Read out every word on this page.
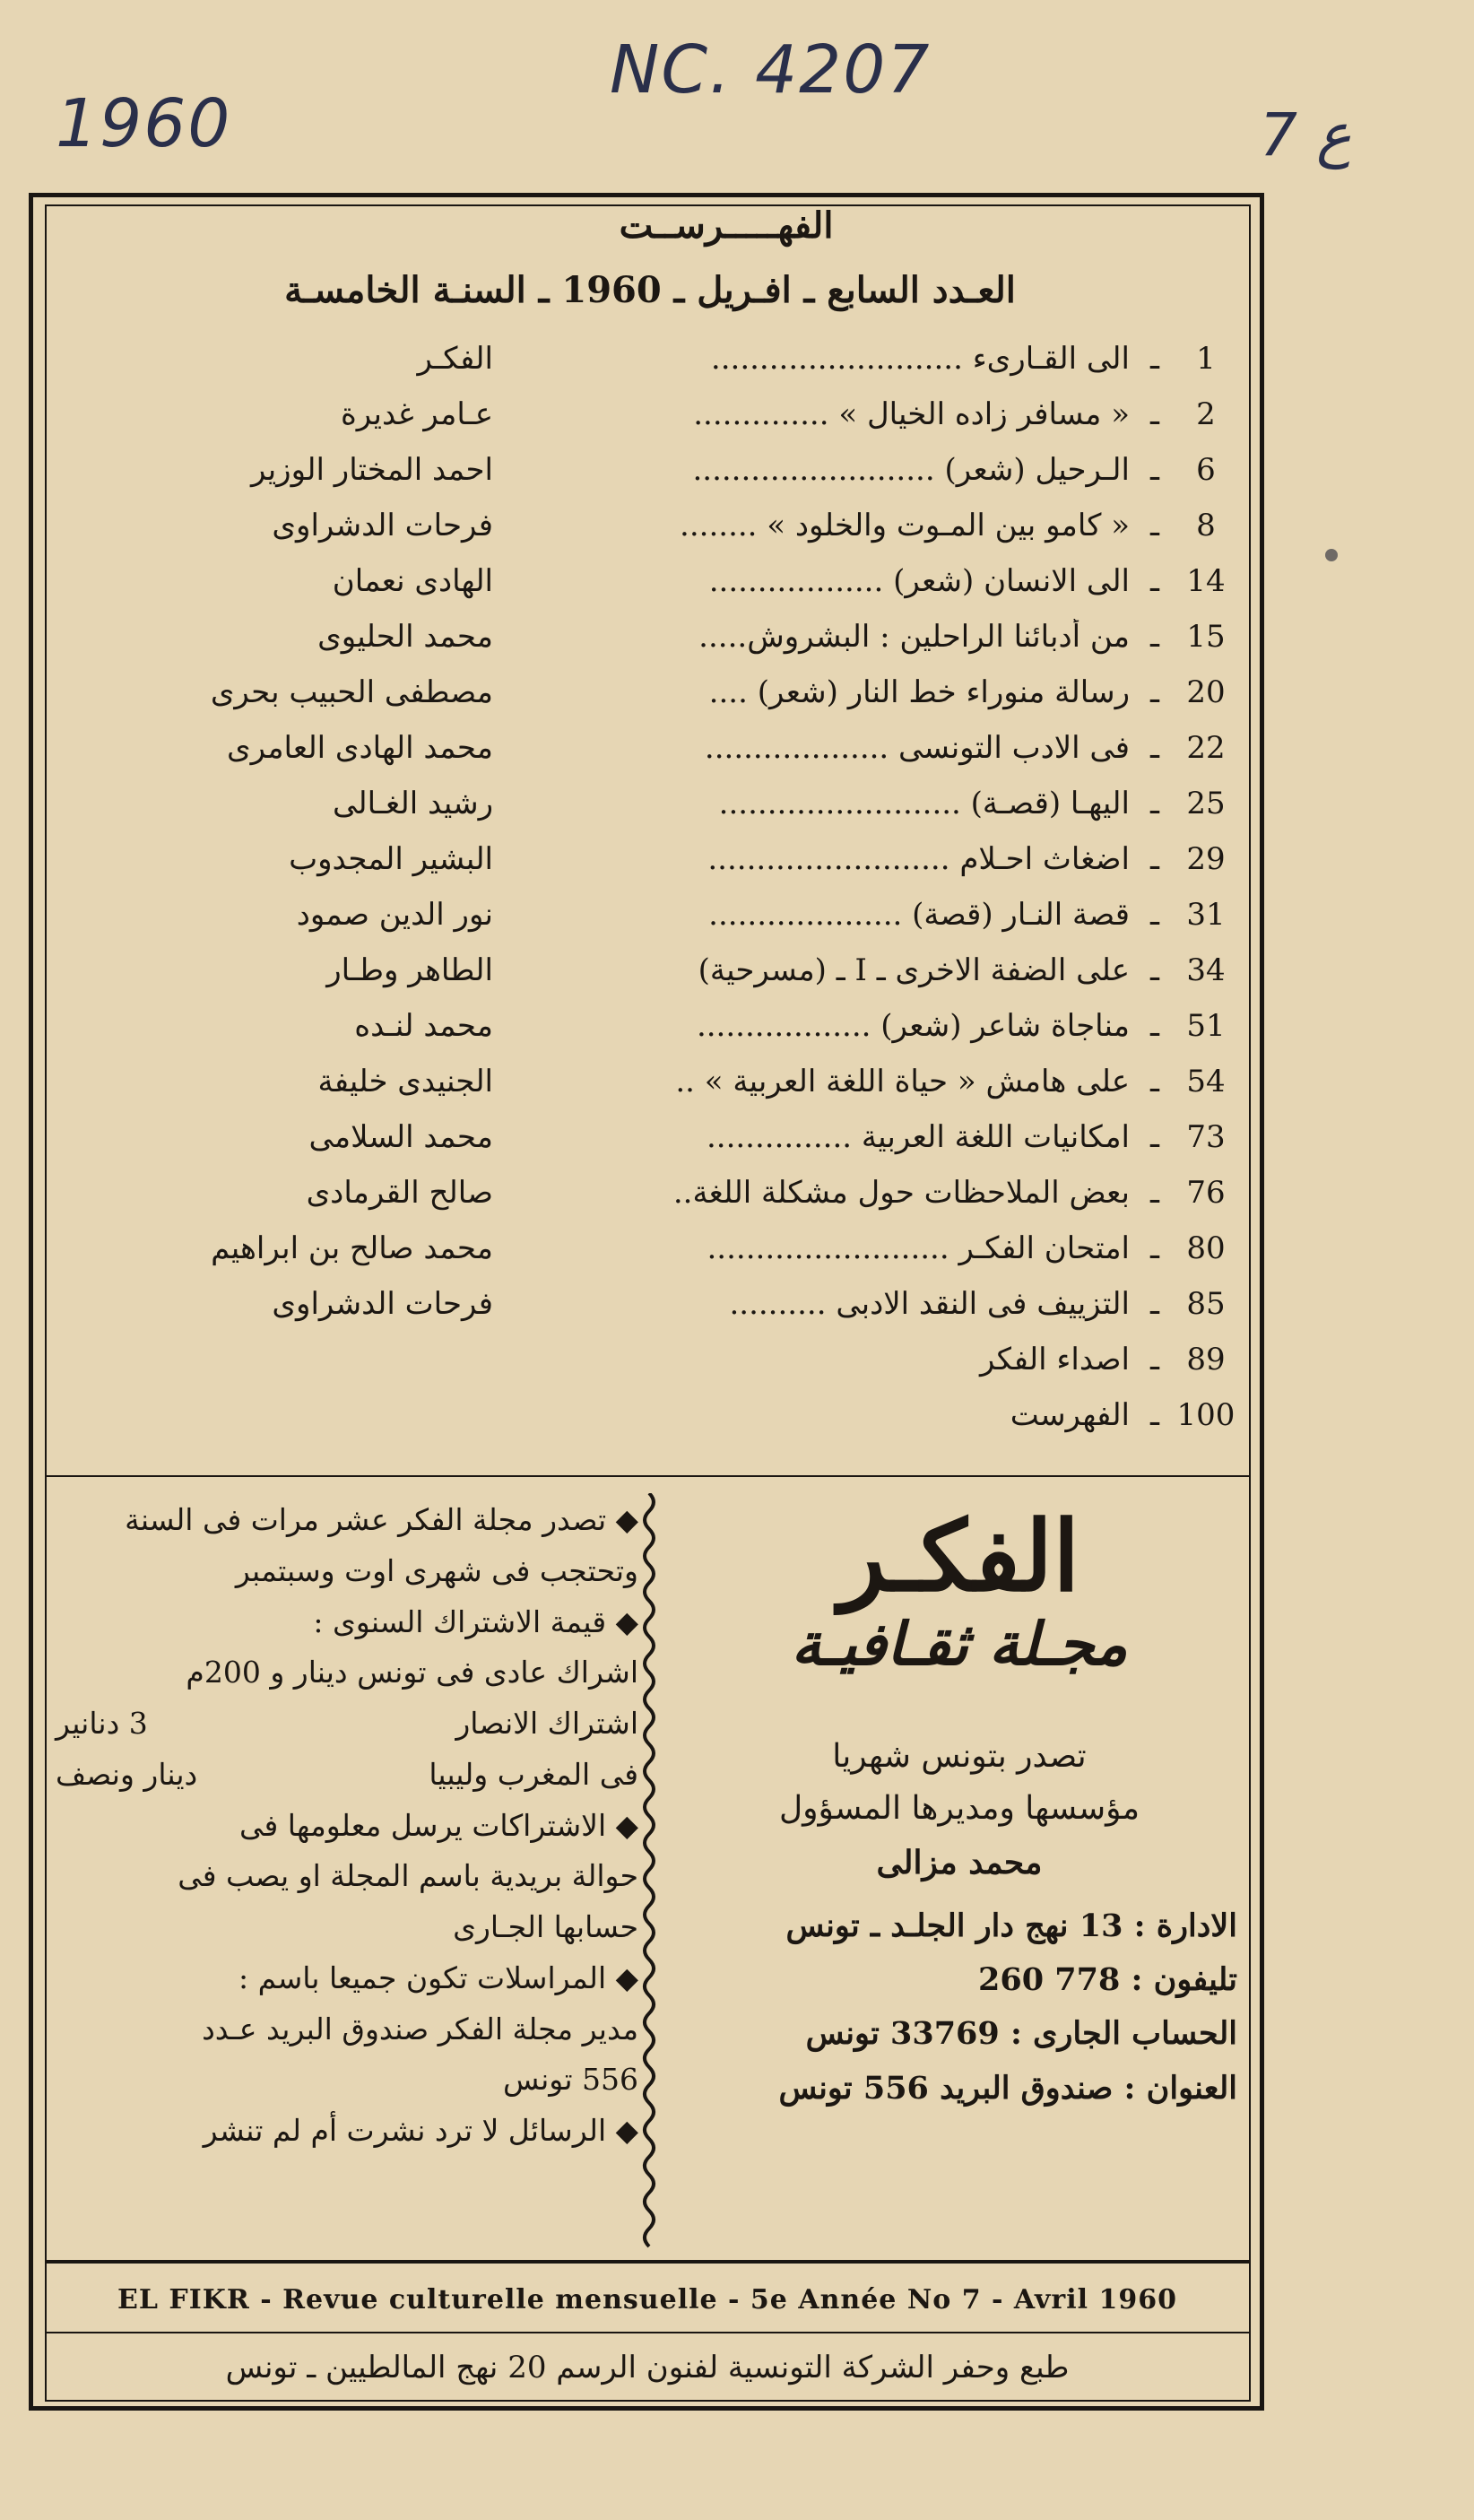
1960
NC. 4207
7 ع
الفهـــــرســت
العـدد السابع ـ افـريل ـ 1960 ـ السنـة الخامسـة
1
ـ
الى القـارىء ..........................
الفكـر
2
ـ
« مسافر زاده الخيال » ..............
عـامر غديرة
6
ـ
الـرحيل (شعر) .........................
احمد المختار الوزير
8
ـ
« كامو بين المـوت والخلود » ........
فرحات الدشراوى
14
ـ
الى الانسان (شعر) ..................
الهادى نعمان
15
ـ
من أدبائنا الراحلين : البشروش.....
محمد الحليوى
20
ـ
رسالة منوراء خط النار (شعر) ....
مصطفى الحبيب بحرى
22
ـ
فى الادب التونسى ...................
محمد الهادى العامرى
25
ـ
اليهـا (قصـة) .........................
رشيد الغـالى
29
ـ
اضغاث احـلام .........................
البشير المجدوب
31
ـ
قصة النـار (قصة) ....................
نور الدين صمود
34
ـ
على الضفة الاخرى ـ I ـ (مسرحية)
الطاهر وطـار
51
ـ
مناجاة شاعر (شعر) ..................
محمد لنـده
54
ـ
على هامش « حياة اللغة العربية » ..
الجنيدى خليفة
73
ـ
امكانيات اللغة العربية ...............
محمد السلامى
76
ـ
بعض الملاحظات حول مشكلة اللغة..
صالح القرمادى
80
ـ
امتحان الفكـر .........................
محمد صالح بن ابراهيم
85
ـ
التزييف فى النقد الادبى ..........
فرحات الدشراوى
89
ـ
اصداء الفكر
100
ـ
الفهرست
الفكـر
مجـلة ثقـافيـة
تصدر بتونس شهريا
مؤسسها ومديرها المسؤول
محمد مزالى
الادارة : 13 نهج دار الجلـد ـ تونس
تليفون : 778 260
الحساب الجارى : 33769 تونس
العنوان : صندوق البريد 556 تونس
◆ تصدر مجلة الفكر عشر مرات فى السنة
وتحتجب فى شهرى اوت وسبتمبر
◆ قيمة الاشتراك السنوى :
اشراك عادى فى تونس دينار و 200م
اشتراك الانصار
3 دنانير
فى المغرب وليبيا
دينار ونصف
◆ الاشتراكات يرسل معلومها فى
حوالة بريدية باسم المجلة او يصب فى
حسابها الجـارى
◆ المراسلات تكون جميعا باسم :
مدير مجلة الفكر صندوق البريد عـدد
556 تونس
◆ الرسائل لا ترد نشرت أم لم تنشر
EL FIKR - Revue culturelle mensuelle - 5e Année No 7 - Avril 1960
طبع وحفر الشركة التونسية لفنون الرسم 20 نهج المالطيين ـ تونس
